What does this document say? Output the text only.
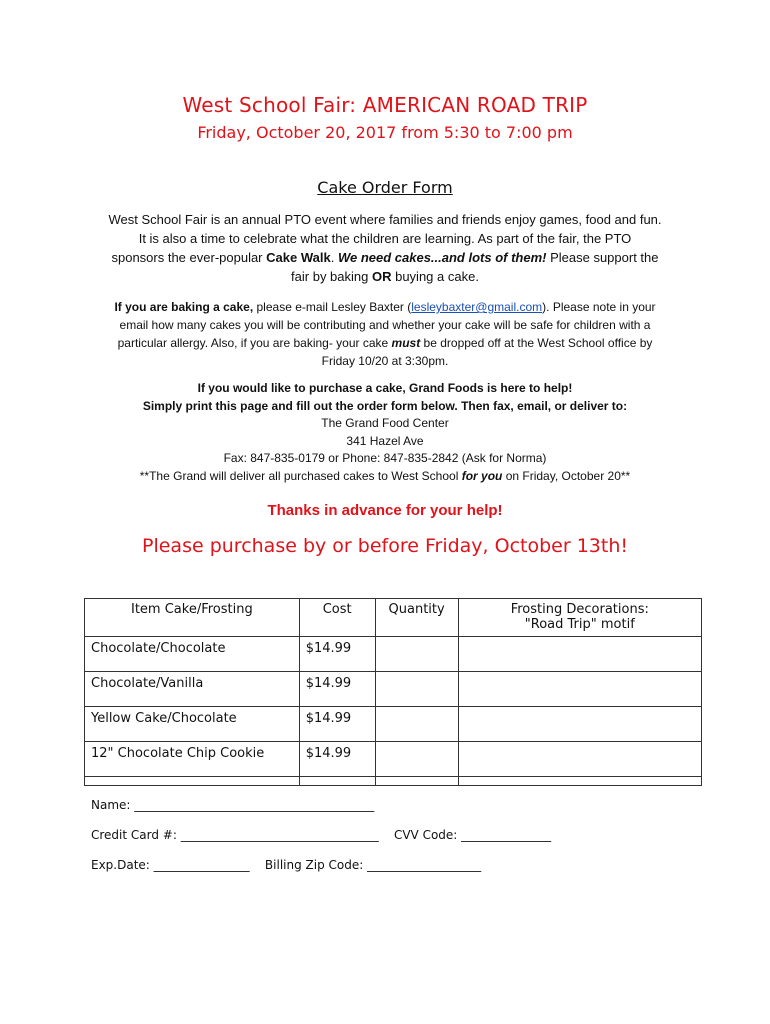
West School Fair: AMERICAN ROAD TRIP
Friday, October 20, 2017 from 5:30 to 7:00 pm
Cake Order Form
West School Fair is an annual PTO event where families and friends enjoy games, food and fun.
It is also a time to celebrate what the children are learning. As part of the fair, the PTO
sponsors the ever-popular Cake Walk. We need cakes...and lots of them! Please support the
fair by baking OR buying a cake.
If you are baking a cake, please e-mail Lesley Baxter (lesleybaxter@gmail.com). Please note in your
email how many cakes you will be contributing and whether your cake will be safe for children with a
particular allergy. Also, if you are baking- your cake must be dropped off at the West School office by
Friday 10/20 at 3:30pm.
If you would like to purchase a cake, Grand Foods is here to help!
Simply print this page and fill out the order form below. Then fax, email, or deliver to:
The Grand Food Center
341 Hazel Ave
Fax: 847-835-0179 or Phone: 847-835-2842 (Ask for Norma)
**The Grand will deliver all purchased cakes to West School for you on Friday, October 20**
Thanks in advance for your help!
Please purchase by or before Friday, October 13th!
Item Cake/Frosting	Cost	Quantity	Frosting Decorations:
"Road Trip" motif

Chocolate/Chocolate	$14.99		
Chocolate/Vanilla	$14.99		
Yellow Cake/Chocolate	$14.99		
12" Chocolate Chip Cookie	$14.99		

Name: ________________________________________
Credit Card #: _________________________________ CVV Code: _______________
Exp.Date: ________________ Billing Zip Code: ___________________
